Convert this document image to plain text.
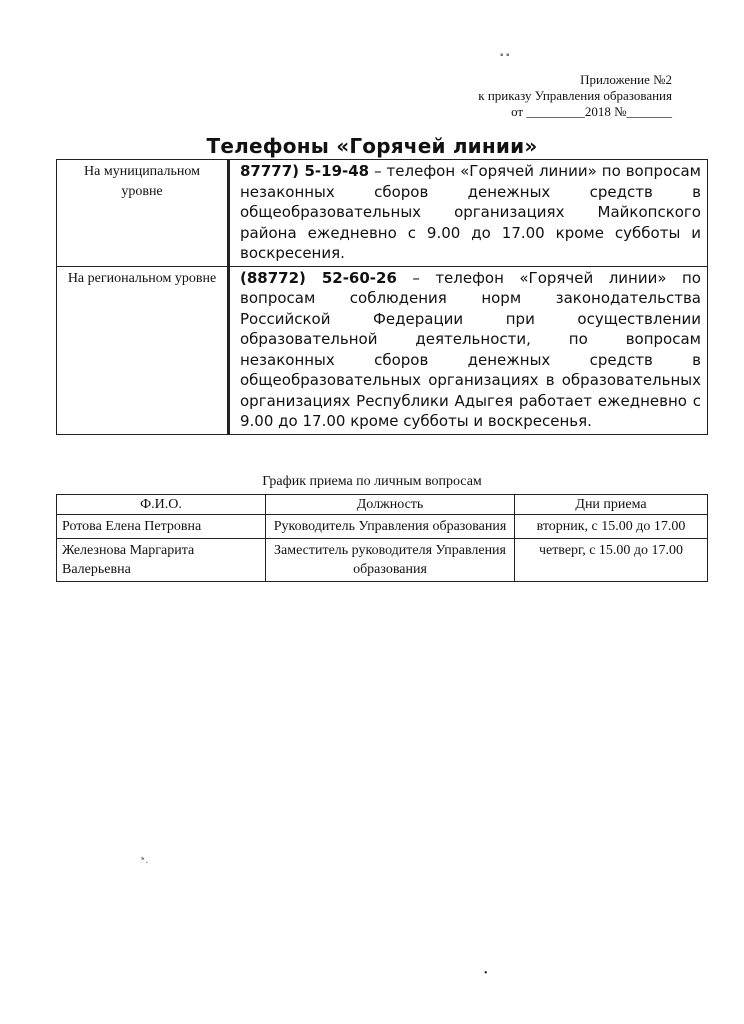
Приложение №2
к приказу Управления образования
от _________2018 №_______
Телефоны «Горячей линии»
На муниципальном уровне	87777) 5-19-48 – телефон «Горячей линии» по вопросам незаконных сборов денежных средств в общеобразовательных организациях Майкопского района ежедневно с 9.00 до 17.00 кроме субботы и воскресения.
На региональном уровне	(88772) 52-60-26 – телефон «Горячей линии» по вопросам соблюдения норм законодательства Российской Федерации при осуществлении образовательной деятельности, по вопросам незаконных сборов денежных средств в общеобразовательных организациях в образовательных организациях Республики Адыгея работает ежедневно с 9.00 до 17.00 кроме субботы и воскресенья.
График приема по личным вопросам
Ф.И.О.	Должность	Дни приема
Ротова Елена Петровна	Руководитель Управления образования	вторник, с 15.00 до 17.00
Железнова Маргарита Валерьевна	Заместитель руководителя Управления образования	четверг, с 15.00 до 17.00
▪ ▪
◔.
•
